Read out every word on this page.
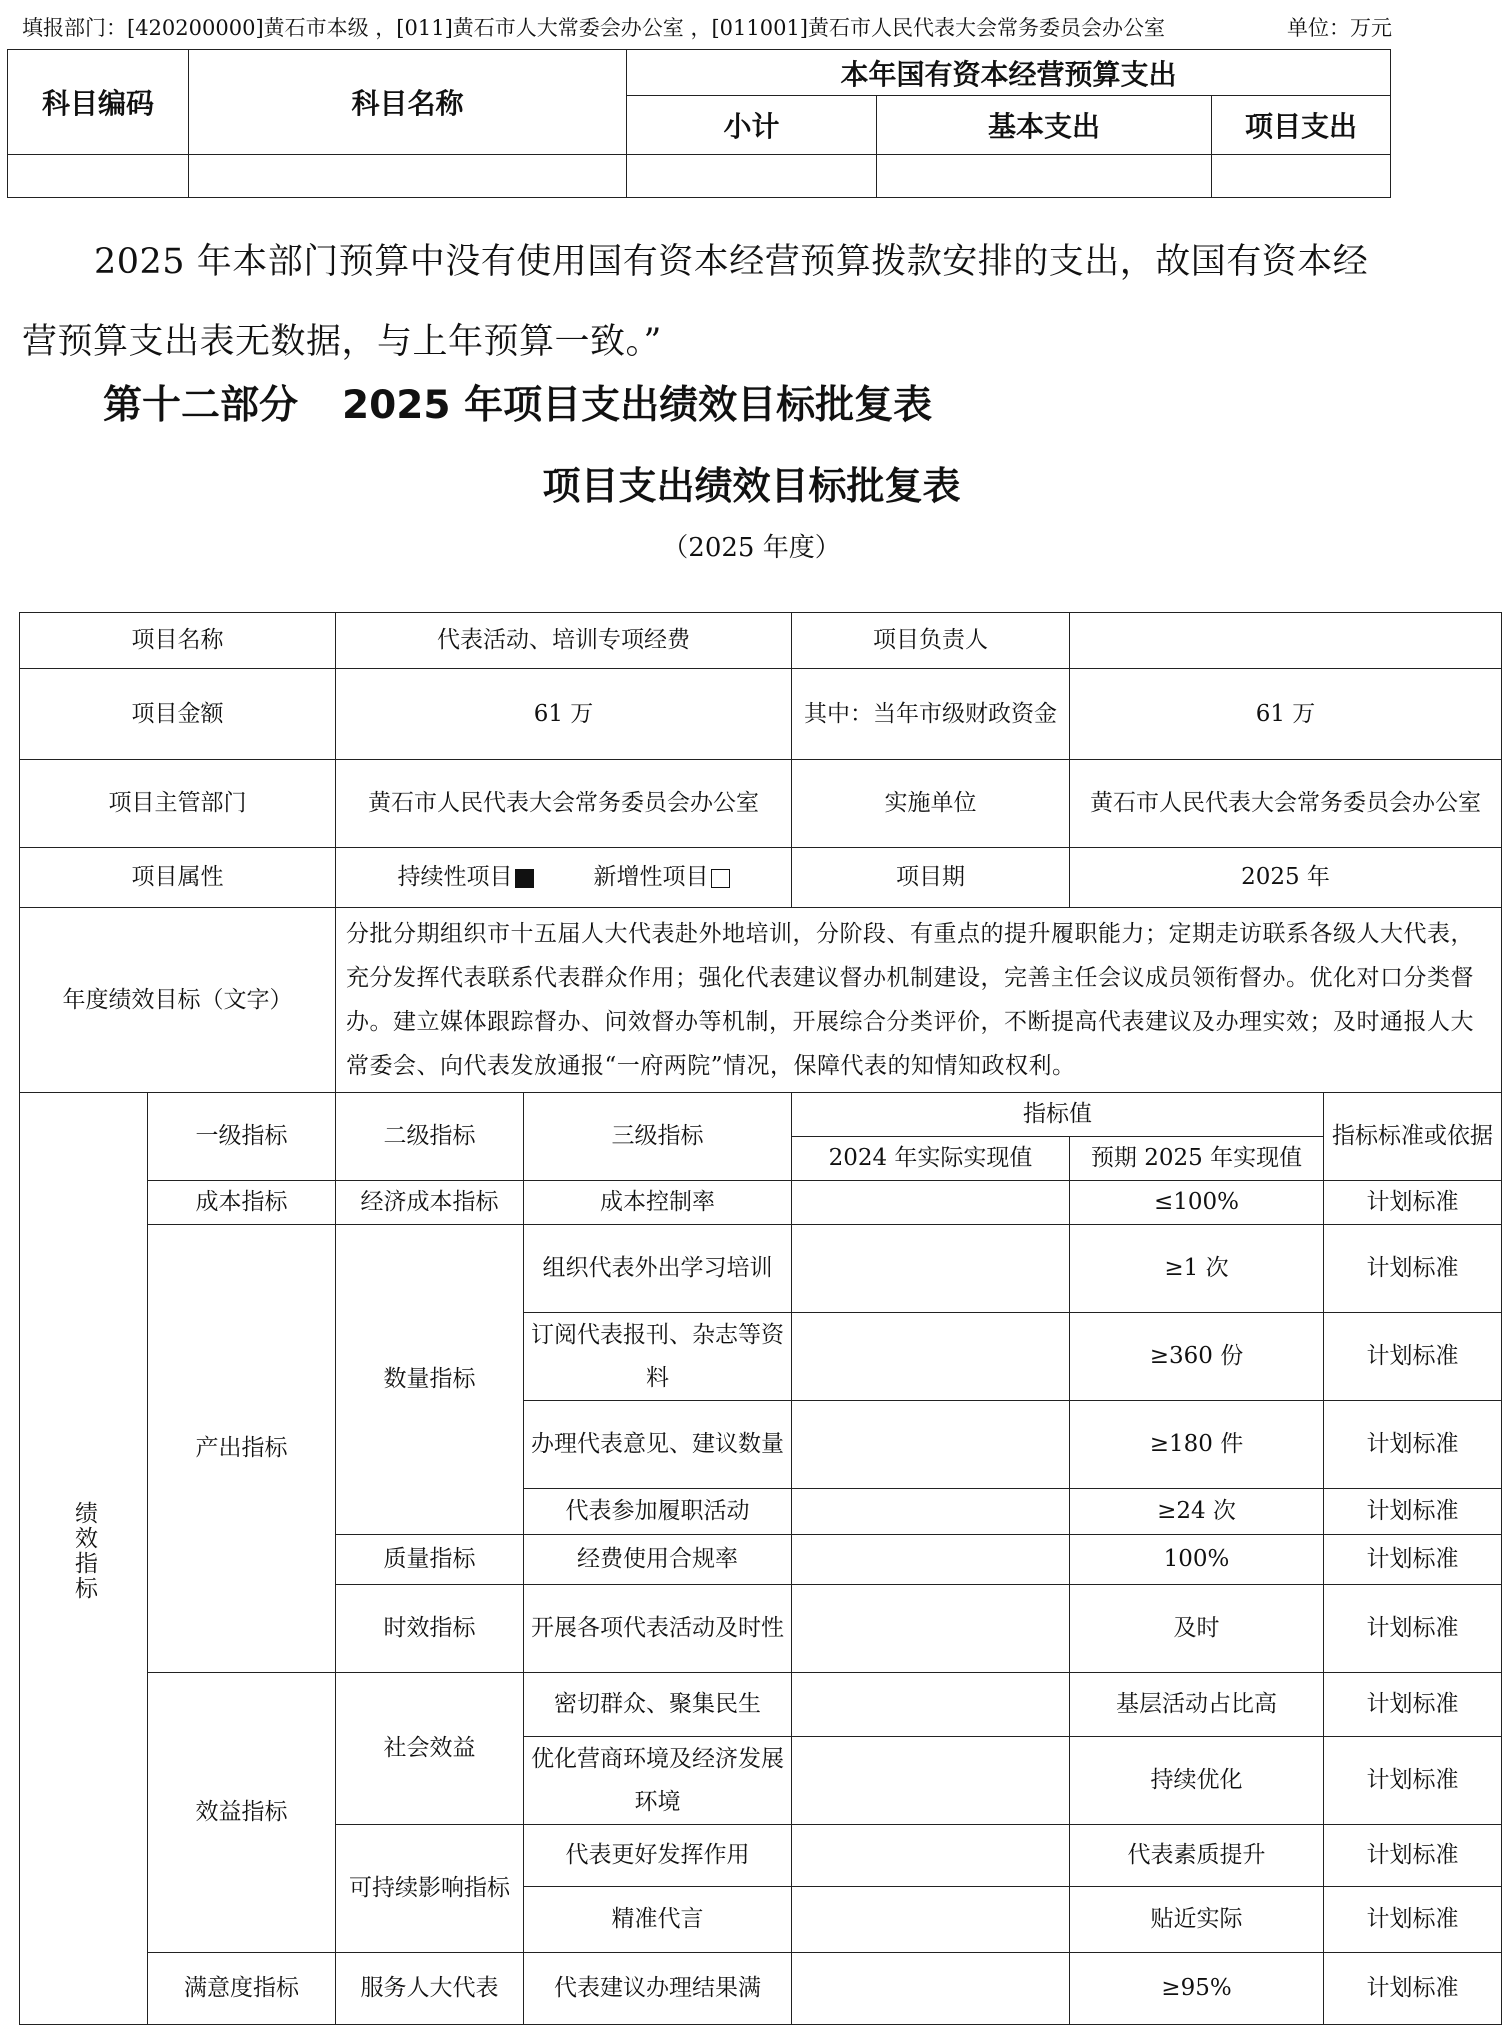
填报部门：[420200000]黄石市本级 ，[011]黄石市人大常委会办公室 ，[011001]黄石市人民代表大会常务委员会办公室	单位：万元
科目编码	科目名称	本年国有资本经营预算支出		
		小计	基本支出	项目支出

2025 年本部门预算中没有使用国有资本经营预算拨款安排的支出，故国有资本经营预算支出表无数据，与上年预算一致。”
第十二部分 2025 年项目支出绩效目标批复表
项目支出绩效目标批复表
（2025 年度）
项目名称		代表活动、培训专项经费		项目负责人		
项目金额		61 万		其中：当年市级财政资金	61 万	
项目主管部门		黄石市人民代表大会常务委员会办公室		实施单位	黄石市人民代表大会常务委员会办公室	
项目属性		持续性项目 新增性项目		项目期	2025 年	
年度绩效目标（文字）		分批分期组织市十五届人大代表赴外地培训，分阶段、有重点的提升履职能力；定期走访联系各级人大代表，充分发挥代表联系代表群众作用；强化代表建议督办机制建设，完善主任会议成员领衔督办。优化对口分类督办。建立媒体跟踪督办、问效督办等机制，开展综合分类评价，不断提高代表建议及办理实效；及时通报人大常委会、向代表发放通报“一府两院”情况，保障代表的知情知政权利。				
绩效指标	一级指标	二级指标	三级指标	指标值		指标标准或依据
				2024 年实际实现值	预期 2025 年实现值	
	成本指标	经济成本指标	成本控制率		≤100%	计划标准
	产出指标	数量指标	组织代表外出学习培训		≥1 次	计划标准
			订阅代表报刊、杂志等资料		≥360 份	计划标准
			办理代表意见、建议数量		≥180 件	计划标准
			代表参加履职活动		≥24 次	计划标准
		质量指标	经费使用合规率		100%	计划标准
		时效指标	开展各项代表活动及时性		及时	计划标准
	效益指标	社会效益	密切群众、聚集民生		基层活动占比高	计划标准
			优化营商环境及经济发展环境		持续优化	计划标准
		可持续影响指标	代表更好发挥作用		代表素质提升	计划标准
			精准代言		贴近实际	计划标准
	满意度指标	服务人大代表	代表建议办理结果满		≥95%	计划标准
